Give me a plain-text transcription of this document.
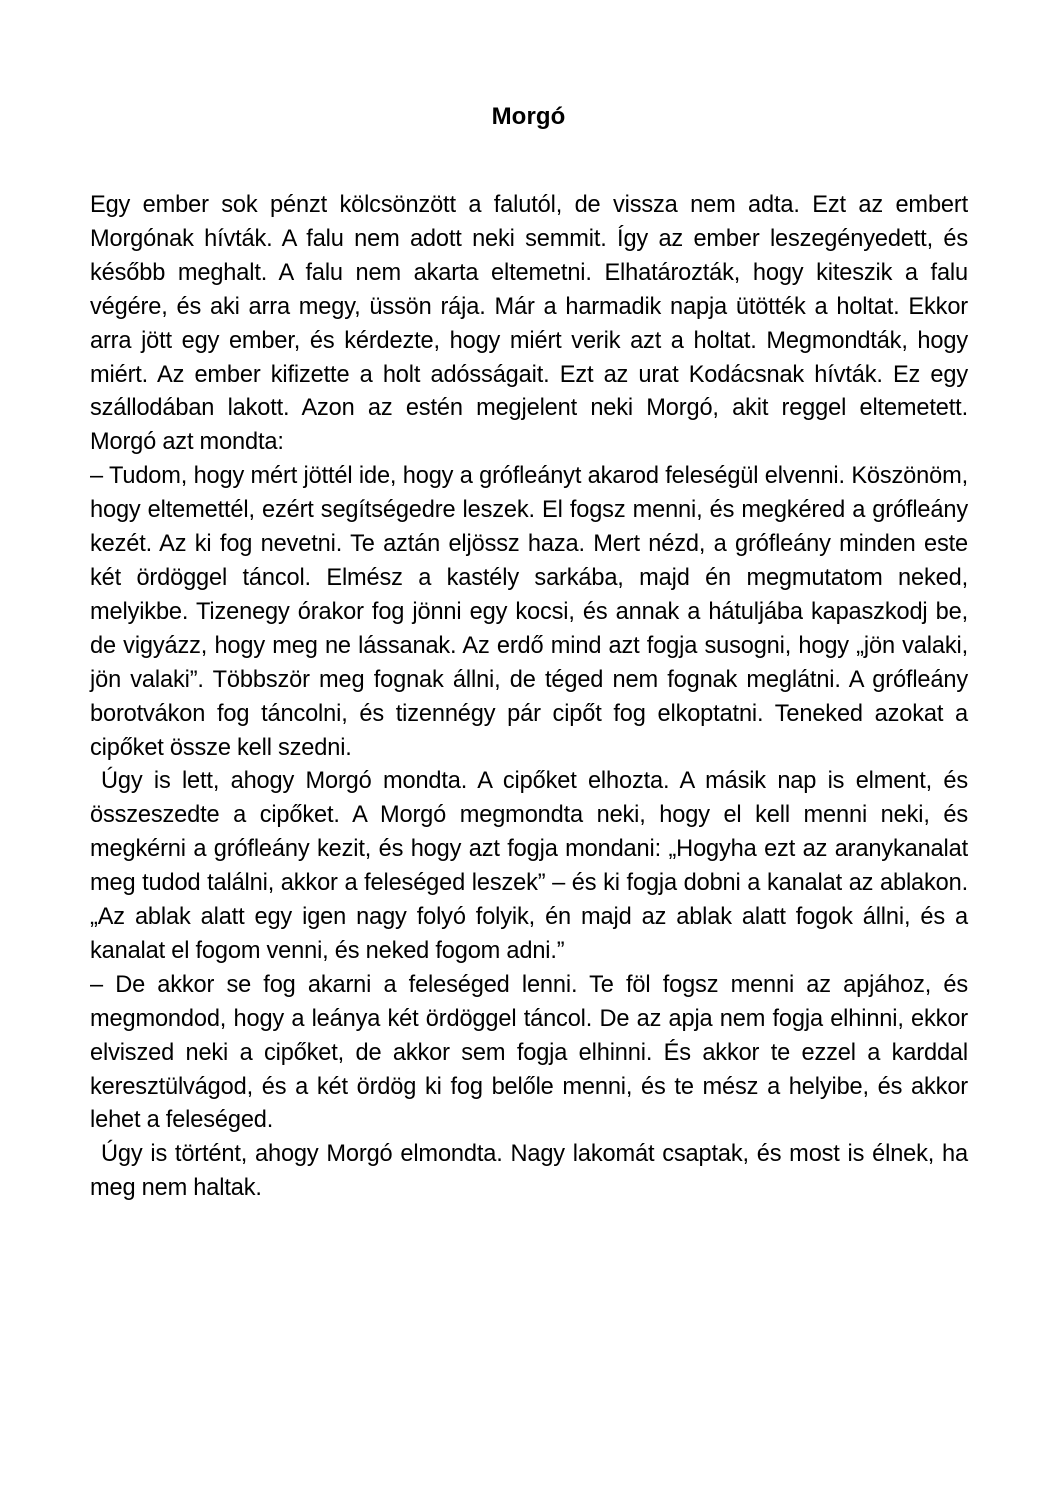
Morgó

Egy ember sok pénzt kölcsönzött a falutól, de vissza nem adta. Ezt az embert Morgónak hívták. A falu nem adott neki semmit. Így az ember leszegényedett, és később meghalt. A falu nem akarta eltemetni. Elhatározták, hogy kiteszik a falu végére, és aki arra megy, üssön rája. Már a harmadik napja ütötték a holtat. Ekkor arra jött egy ember, és kérdezte, hogy miért verik azt a holtat. Megmondták, hogy miért. Az ember kifizette a holt adósságait. Ezt az urat Kodácsnak hívták. Ez egy szállodában lakott. Azon az estén megjelent neki Morgó, akit reggel eltemetett. Morgó azt mondta:

– Tudom, hogy mért jöttél ide, hogy a grófleányt akarod feleségül elvenni. Köszönöm, hogy eltemettél, ezért segítségedre leszek. El fogsz menni, és megkéred a grófleány kezét. Az ki fog nevetni. Te aztán eljössz haza. Mert nézd, a grófleány minden este két ördöggel táncol. Elmész a kastély sarkába, majd én megmutatom neked, melyikbe. Tizenegy órakor fog jönni egy kocsi, és annak a hátuljába kapaszkodj be, de vigyázz, hogy meg ne lássanak. Az erdő mind azt fogja susogni, hogy „jön valaki, jön valaki”. Többször meg fognak állni, de téged nem fognak meglátni. A grófleány borotvákon fog táncolni, és tizennégy pár cipőt fog elkoptatni. Teneked azokat a cipőket össze kell szedni.

Úgy is lett, ahogy Morgó mondta. A cipőket elhozta. A másik nap is elment, és összeszedte a cipőket. A Morgó megmondta neki, hogy el kell menni neki, és megkérni a grófleány kezit, és hogy azt fogja mondani: „Hogyha ezt az aranykanalat meg tudod találni, akkor a feleséged leszek” – és ki fogja dobni a kanalat az ablakon. „Az ablak alatt egy igen nagy folyó folyik, én majd az ablak alatt fogok állni, és a kanalat el fogom venni, és neked fogom adni.”

– De akkor se fog akarni a feleséged lenni. Te föl fogsz menni az apjához, és megmondod, hogy a leánya két ördöggel táncol. De az apja nem fogja elhinni, ekkor elviszed neki a cipőket, de akkor sem fogja elhinni. És akkor te ezzel a karddal keresztülvágod, és a két ördög ki fog belőle menni, és te mész a helyibe, és akkor lehet a feleséged.

Úgy is történt, ahogy Morgó elmondta. Nagy lakomát csaptak, és most is élnek, ha meg nem haltak.
